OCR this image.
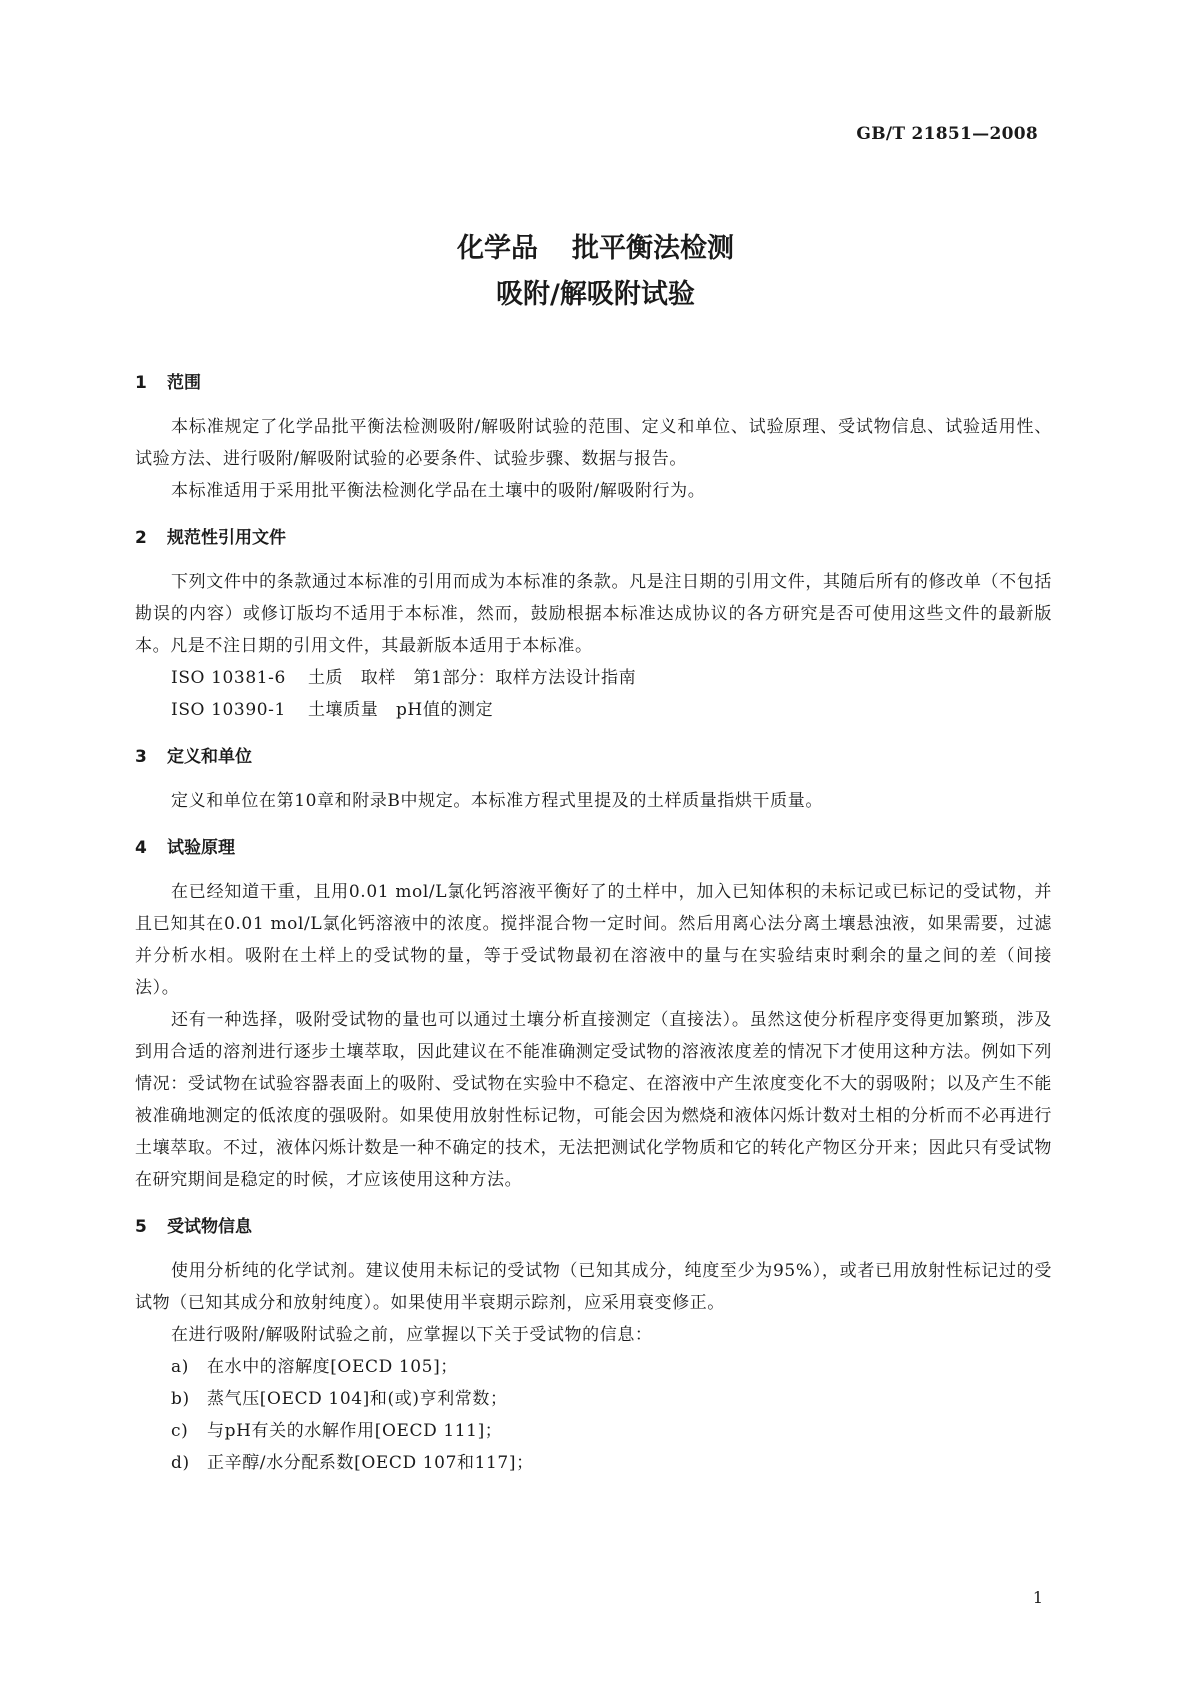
GB/T 21851—2008
化学品 批平衡法检测
吸附/解吸附试验
1 范围

本标准规定了化学品批平衡法检测吸附/解吸附试验的范围、定义和单位、试验原理、受试物信息、试验适用性、试验方法、进行吸附/解吸附试验的必要条件、试验步骤、数据与报告。

本标准适用于采用批平衡法检测化学品在土壤中的吸附/解吸附行为。

2 规范性引用文件

下列文件中的条款通过本标准的引用而成为本标准的条款。凡是注日期的引用文件，其随后所有的修改单（不包括勘误的内容）或修订版均不适用于本标准，然而，鼓励根据本标准达成协议的各方研究是否可使用这些文件的最新版本。凡是不注日期的引用文件，其最新版本适用于本标准。

ISO 10381-6 土质　取样　第1部分：取样方法设计指南

ISO 10390-1 土壤质量　pH值的测定

3 定义和单位

定义和单位在第10章和附录B中规定。本标准方程式里提及的土样质量指烘干质量。

4 试验原理

在已经知道干重，且用0.01 mol/L氯化钙溶液平衡好了的土样中，加入已知体积的未标记或已标记的受试物，并且已知其在0.01 mol/L氯化钙溶液中的浓度。搅拌混合物一定时间。然后用离心法分离土壤悬浊液，如果需要，过滤并分析水相。吸附在土样上的受试物的量，等于受试物最初在溶液中的量与在实验结束时剩余的量之间的差（间接法）。

还有一种选择，吸附受试物的量也可以通过土壤分析直接测定（直接法）。虽然这使分析程序变得更加繁琐，涉及到用合适的溶剂进行逐步土壤萃取，因此建议在不能准确测定受试物的溶液浓度差的情况下才使用这种方法。例如下列情况：受试物在试验容器表面上的吸附、受试物在实验中不稳定、在溶液中产生浓度变化不大的弱吸附；以及产生不能被准确地测定的低浓度的强吸附。如果使用放射性标记物，可能会因为燃烧和液体闪烁计数对土相的分析而不必再进行土壤萃取。不过，液体闪烁计数是一种不确定的技术，无法把测试化学物质和它的转化产物区分开来；因此只有受试物在研究期间是稳定的时候，才应该使用这种方法。

5 受试物信息

使用分析纯的化学试剂。建议使用未标记的受试物（已知其成分，纯度至少为95%），或者已用放射性标记过的受试物（已知其成分和放射纯度）。如果使用半衰期示踪剂，应采用衰变修正。

在进行吸附/解吸附试验之前，应掌握以下关于受试物的信息：

a) 在水中的溶解度[OECD 105]；

b) 蒸气压[OECD 104]和(或)亨利常数；

c) 与pH有关的水解作用[OECD 111]；

d) 正辛醇/水分配系数[OECD 107和117]；

1
